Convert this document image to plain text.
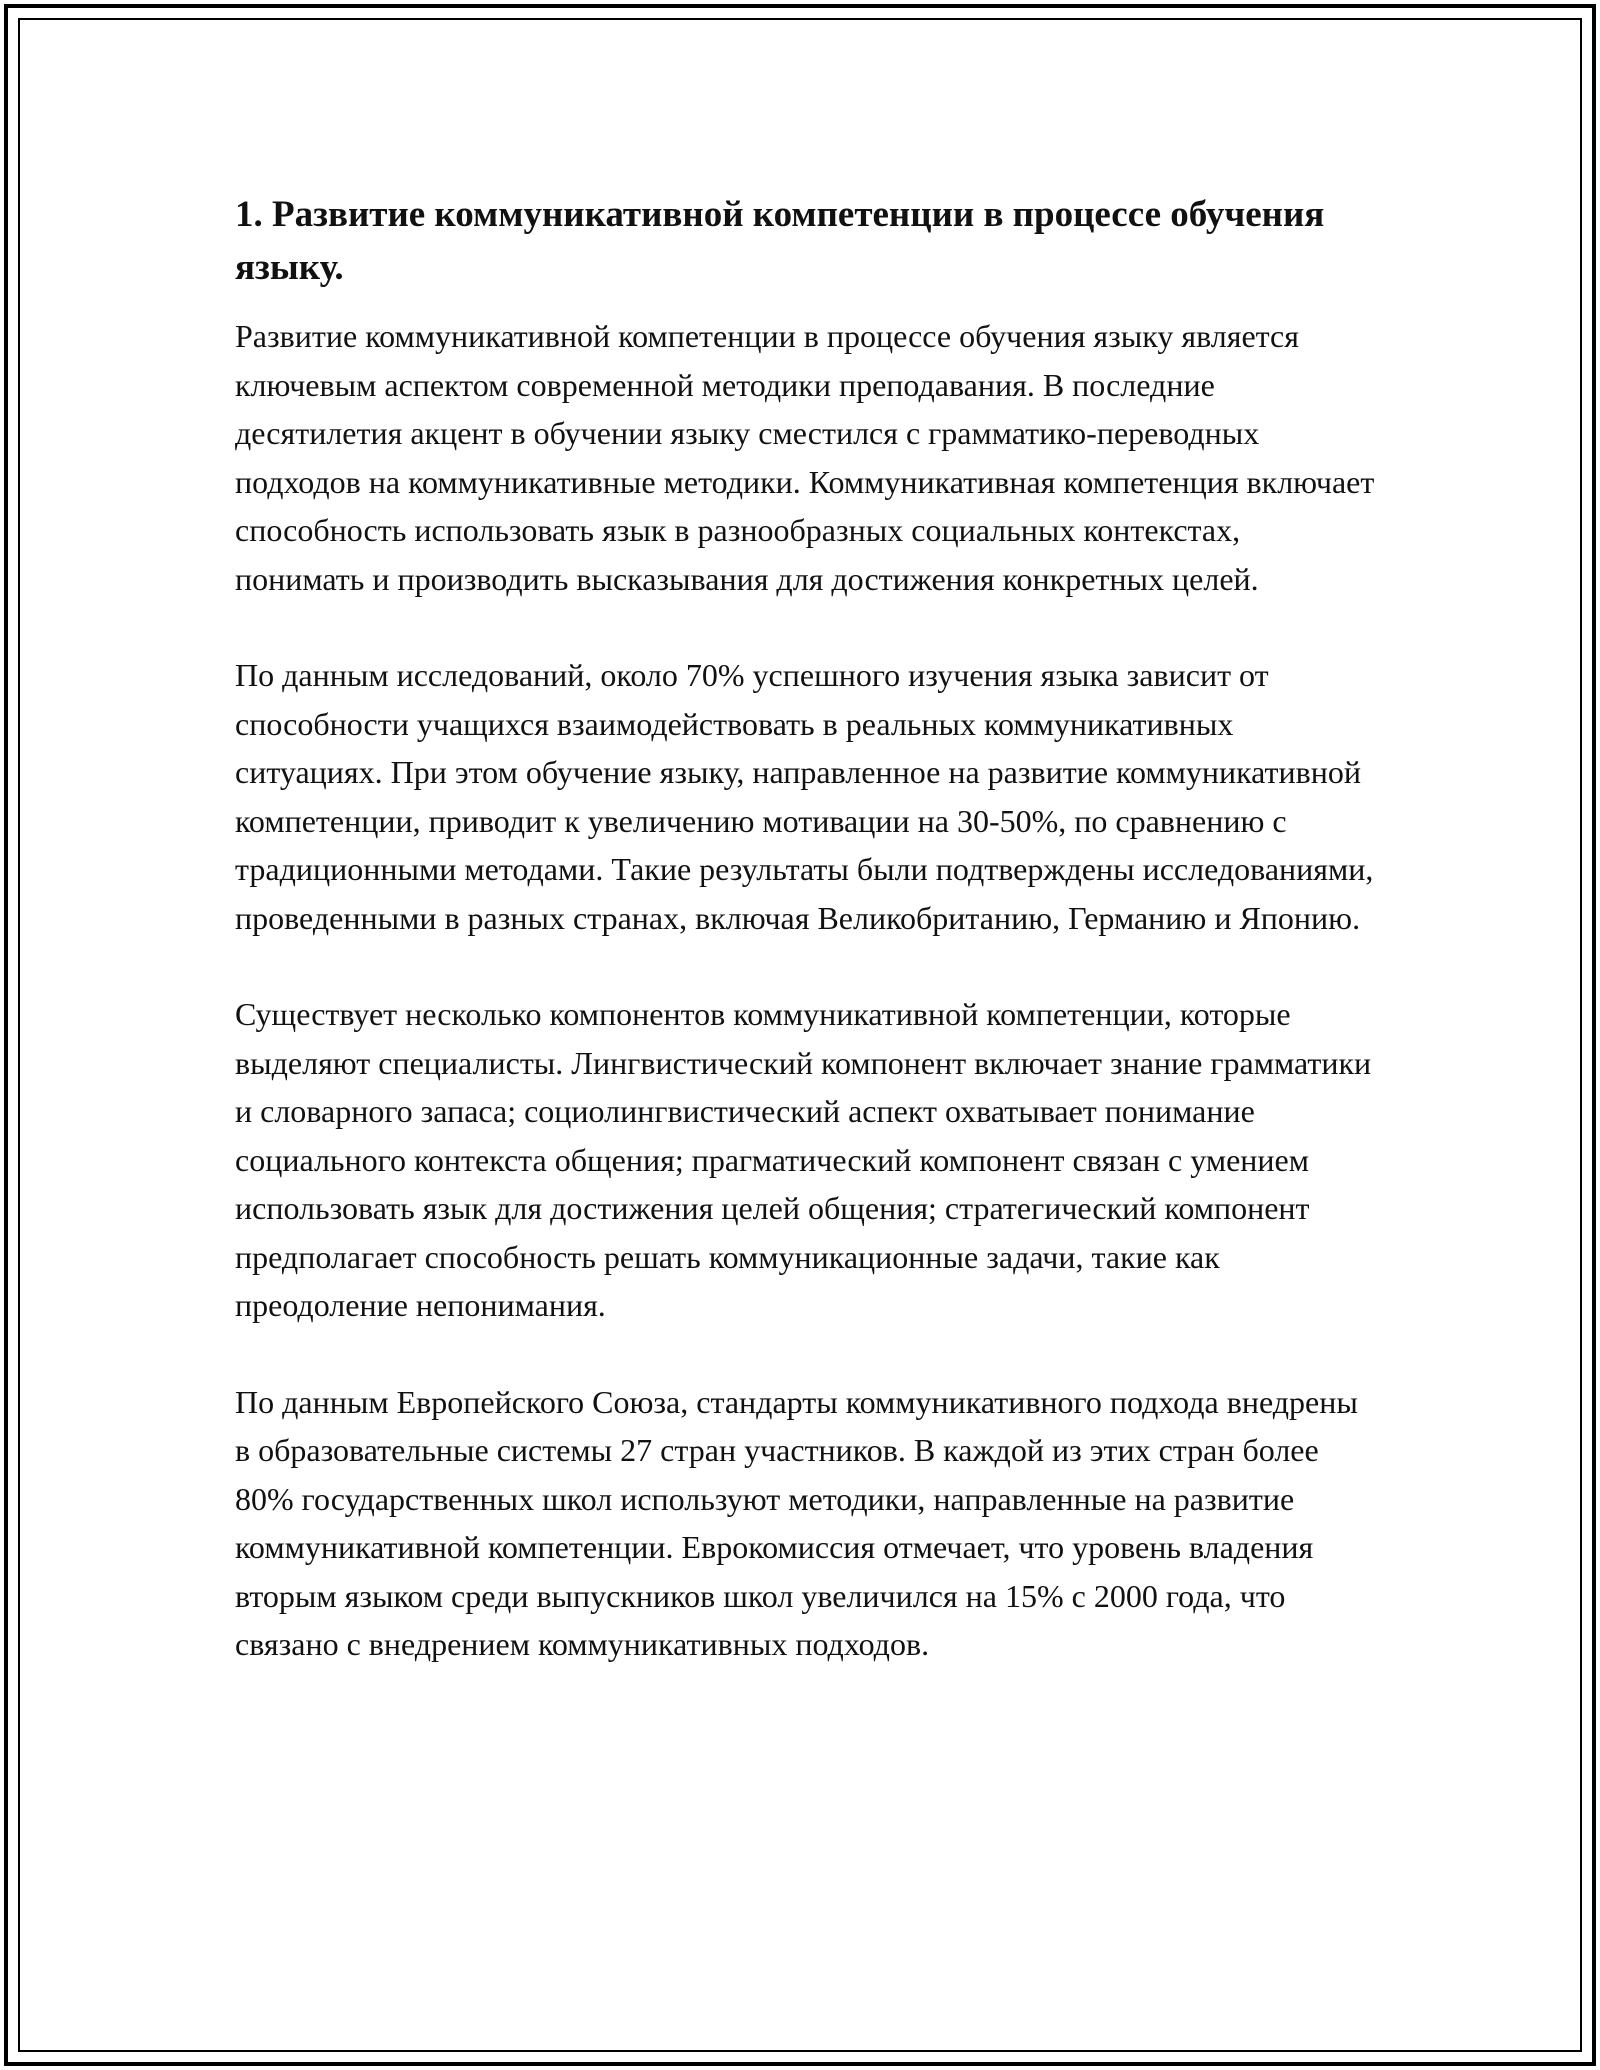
1. Развитие коммуникативной компетенции в процессе обучения языку.

Развитие коммуникативной компетенции в процессе обучения языку является ключевым аспектом современной методики преподавания. В последние десятилетия акцент в обучении языку сместился с грамматико-переводных подходов на коммуникативные методики. Коммуникативная компетенция включает способность использовать язык в разнообразных социальных контекстах, понимать и производить высказывания для достижения конкретных целей.

По данным исследований, около 70% успешного изучения языка зависит от способности учащихся взаимодействовать в реальных коммуникативных ситуациях. При этом обучение языку, направленное на развитие коммуникативной компетенции, приводит к увеличению мотивации на 30-50%, по сравнению с традиционными методами. Такие результаты были подтверждены исследованиями, проведенными в разных странах, включая Великобританию, Германию и Японию.

Существует несколько компонентов коммуникативной компетенции, которые выделяют специалисты. Лингвистический компонент включает знание грамматики и словарного запаса; социолингвистический аспект охватывает понимание социального контекста общения; прагматический компонент связан с умением использовать язык для достижения целей общения; стратегический компонент предполагает способность решать коммуникационные задачи, такие как преодоление непонимания.

По данным Европейского Союза, стандарты коммуникативного подхода внедрены в образовательные системы 27 стран участников. В каждой из этих стран более 80% государственных школ используют методики, направленные на развитие коммуникативной компетенции. Еврокомиссия отмечает, что уровень владения вторым языком среди выпускников школ увеличился на 15% с 2000 года, что связано с внедрением коммуникативных подходов.
